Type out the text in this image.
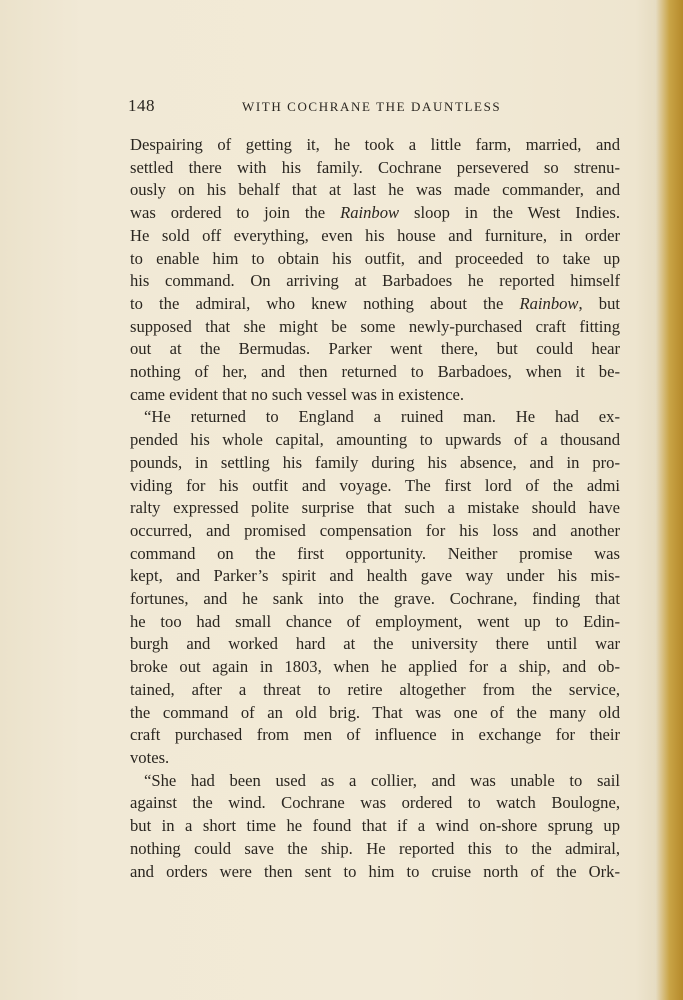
148	WITH COCHRANE THE DAUNTLESS
Despairing of getting it, he took a little farm, married, and
settled there with his family. Cochrane persevered so strenu-
ously on his behalf that at last he was made commander, and
was ordered to join the Rainbow sloop in the West Indies.
He sold off everything, even his house and furniture, in order
to enable him to obtain his outfit, and proceeded to take up
his command. On arriving at Barbadoes he reported himself
to the admiral, who knew nothing about the Rainbow, but
supposed that she might be some newly-purchased craft fitting
out at the Bermudas. Parker went there, but could hear
nothing of her, and then returned to Barbadoes, when it be-
came evident that no such vessel was in existence.
“He returned to England a ruined man. He had ex-
pended his whole capital, amounting to upwards of a thousand
pounds, in settling his family during his absence, and in pro-
viding for his outfit and voyage. The first lord of the admi
ralty expressed polite surprise that such a mistake should have
occurred, and promised compensation for his loss and another
command on the first opportunity. Neither promise was
kept, and Parker’s spirit and health gave way under his mis-
fortunes, and he sank into the grave. Cochrane, finding that
he too had small chance of employment, went up to Edin-
burgh and worked hard at the university there until war
broke out again in 1803, when he applied for a ship, and ob-
tained, after a threat to retire altogether from the service,
the command of an old brig. That was one of the many old
craft purchased from men of influence in exchange for their
votes.
“She had been used as a collier, and was unable to sail
against the wind. Cochrane was ordered to watch Boulogne,
but in a short time he found that if a wind on-shore sprung up
nothing could save the ship. He reported this to the admiral,
and orders were then sent to him to cruise north of the Ork-
